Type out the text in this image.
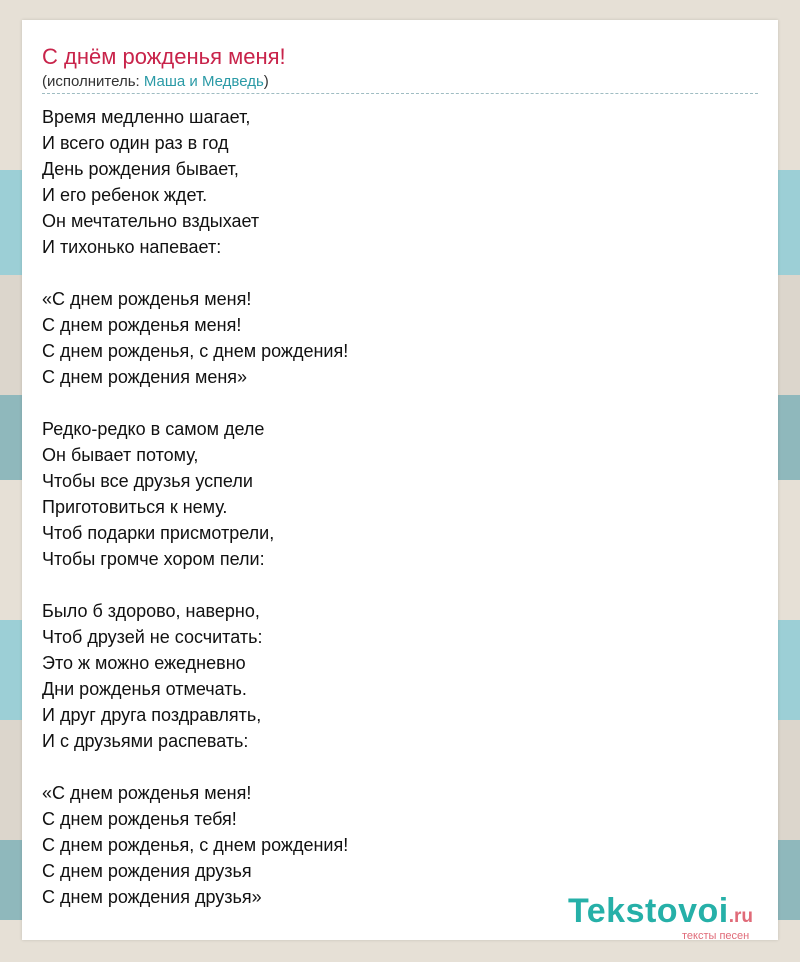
С днём рожденья меня!
(исполнитель: Маша и Медведь)
Время медленно шагает,
И всего один раз в год
День рождения бывает,
И его ребенок ждет.
Он мечтательно вздыхает
И тихонько напевает:
«С днем рожденья меня!
С днем рожденья меня!
С днем рожденья, с днем рождения!
С днем рождения меня»
Редко-редко в самом деле
Он бывает потому,
Чтобы все друзья успели
Приготовиться к нему.
Чтоб подарки присмотрели,
Чтобы громче хором пели:
Было б здорово, наверно,
Чтоб друзей не сосчитать:
Это ж можно ежедневно
Дни рожденья отмечать.
И друг друга поздравлять,
И с друзьями распевать:
«С днем рожденья меня!
С днем рожденья тебя!
С днем рожденья, с днем рождения!
С днем рождения друзья
С днем рождения друзья»	Tekstovoi.ru
тексты песен
